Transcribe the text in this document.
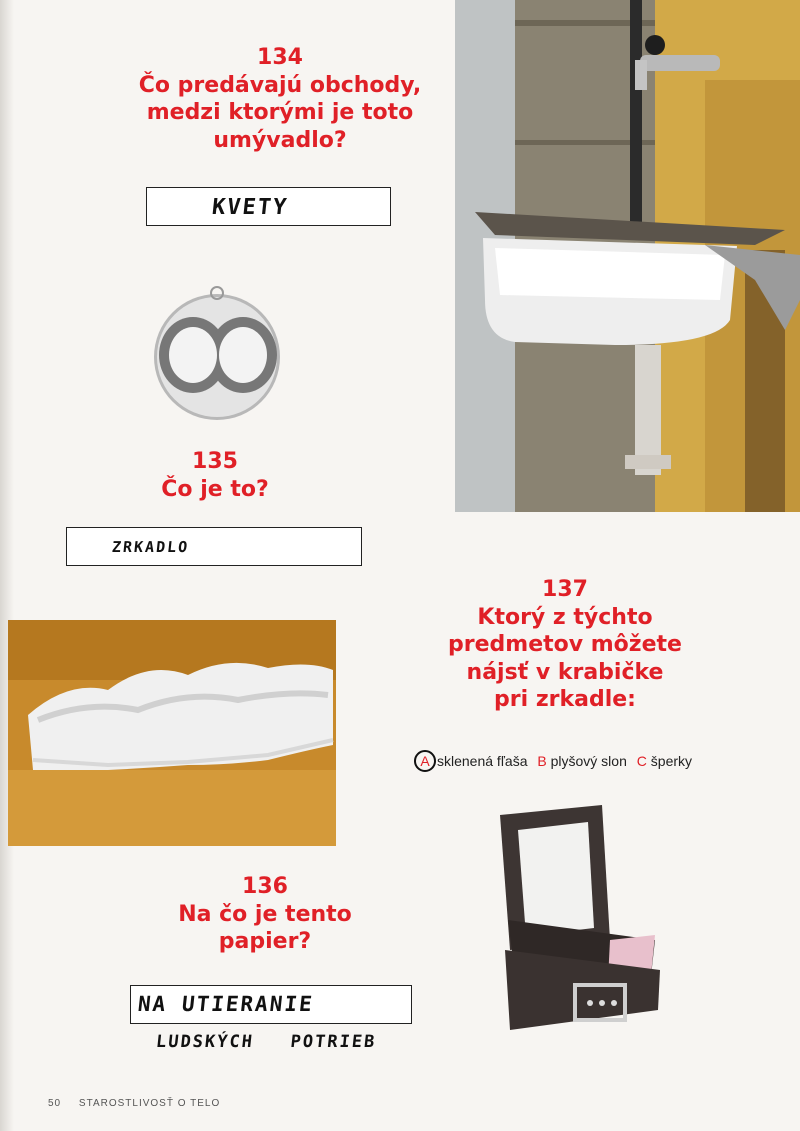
134
Čo predávajú obchody,
medzi ktorými je toto
umývadlo?
KVETY
135
Čo je to?
ZRKADLO
136
Na čo je tento
papier?
NA UTIERANIE
LUDSKÝCH   POTRIEB
137
Ktorý z týchto
predmetov môžete
nájsť v krabičke
pri zrkadle:
A sklenená fľaša B plyšový slon C šperky
50 STAROSTLIVOSŤ O TELO
